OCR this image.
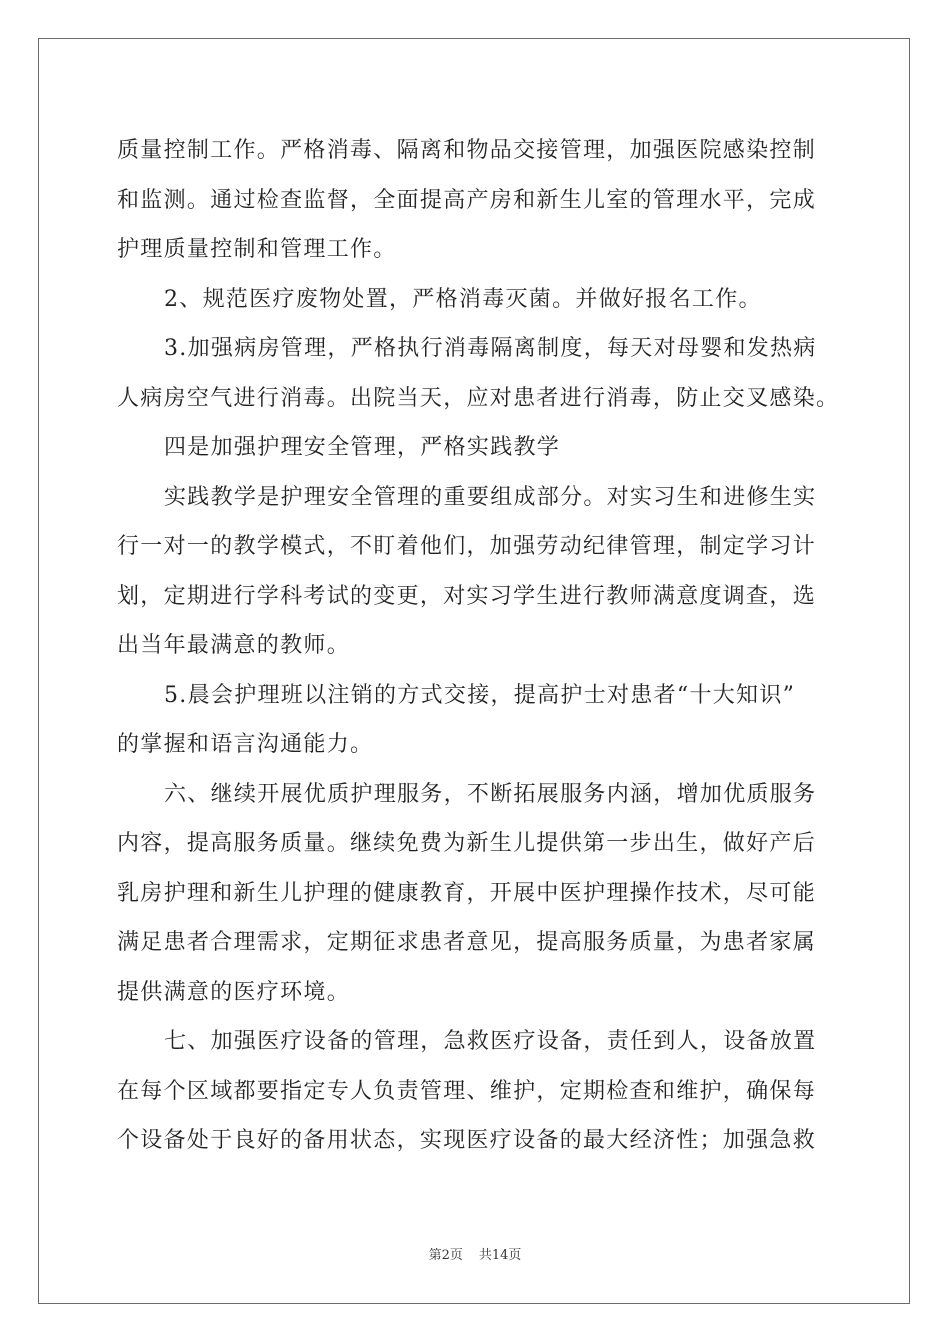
质量控制工作。严格消毒、隔离和物品交接管理，加强医院感染控制
和监测。通过检查监督，全面提高产房和新生儿室的管理水平，完成
护理质量控制和管理工作。
2、规范医疗废物处置，严格消毒灭菌。并做好报名工作。
3.加强病房管理，严格执行消毒隔离制度，每天对母婴和发热病
人病房空气进行消毒。出院当天，应对患者进行消毒，防止交叉感染。
四是加强护理安全管理，严格实践教学
实践教学是护理安全管理的重要组成部分。对实习生和进修生实
行一对一的教学模式，不盯着他们，加强劳动纪律管理，制定学习计
划，定期进行学科考试的变更，对实习学生进行教师满意度调查，选
出当年最满意的教师。
5.晨会护理班以注销的方式交接，提高护士对患者“十大知识”
的掌握和语言沟通能力。
六、继续开展优质护理服务，不断拓展服务内涵，增加优质服务
内容，提高服务质量。继续免费为新生儿提供第一步出生，做好产后
乳房护理和新生儿护理的健康教育，开展中医护理操作技术，尽可能
满足患者合理需求，定期征求患者意见，提高服务质量，为患者家属
提供满意的医疗环境。
七、加强医疗设备的管理，急救医疗设备，责任到人，设备放置
在每个区域都要指定专人负责管理、维护，定期检查和维护，确保每
个设备处于良好的备用状态，实现医疗设备的最大经济性；加强急救
第2页 共14页
